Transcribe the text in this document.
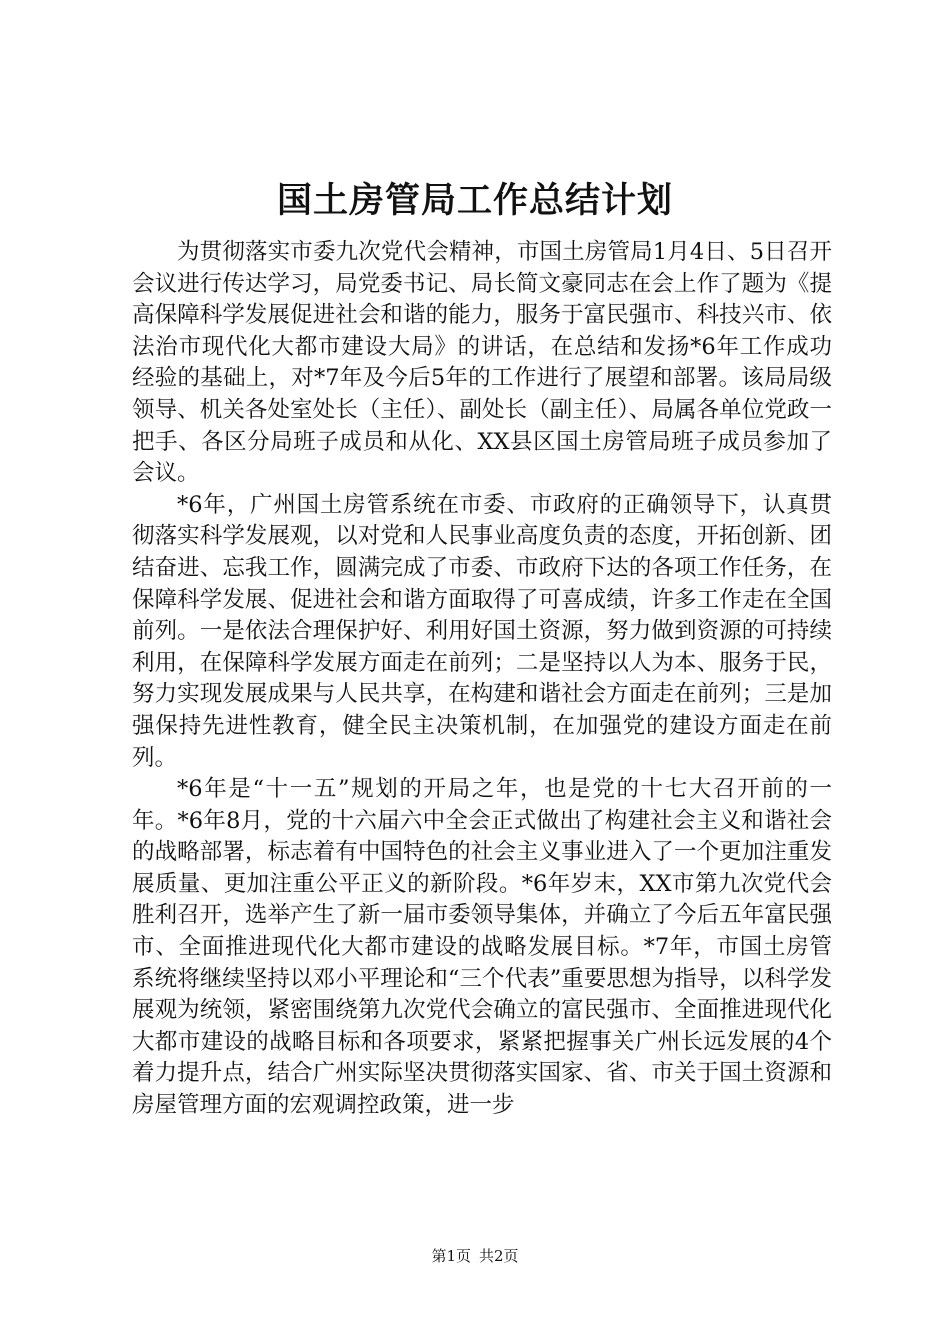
国土房管局工作总结计划

为贯彻落实市委九次党代会精神，市国土房管局1月4日、5日召开会议进行传达学习，局党委书记、局长简文豪同志在会上作了题为《提高保障科学发展促进社会和谐的能力，服务于富民强市、科技兴市、依法治市现代化大都市建设大局》的讲话，在总结和发扬*6年工作成功经验的基础上，对*7年及今后5年的工作进行了展望和部署。该局局级领导、机关各处室处长（主任）、副处长（副主任）、局属各单位党政一把手、各区分局班子成员和从化、XX县区国土房管局班子成员参加了会议。

*6年，广州国土房管系统在市委、市政府的正确领导下，认真贯彻落实科学发展观，以对党和人民事业高度负责的态度，开拓创新、团结奋进、忘我工作，圆满完成了市委、市政府下达的各项工作任务，在保障科学发展、促进社会和谐方面取得了可喜成绩，许多工作走在全国前列。一是依法合理保护好、利用好国土资源，努力做到资源的可持续利用，在保障科学发展方面走在前列；二是坚持以人为本、服务于民，努力实现发展成果与人民共享，在构建和谐社会方面走在前列；三是加强保持先进性教育，健全民主决策机制，在加强党的建设方面走在前列。

*6年是“十一五”规划的开局之年，也是党的十七大召开前的一年。*6年8月，党的十六届六中全会正式做出了构建社会主义和谐社会的战略部署，标志着有中国特色的社会主义事业进入了一个更加注重发展质量、更加注重公平正义的新阶段。*6年岁末，XX市第九次党代会胜利召开，选举产生了新一届市委领导集体，并确立了今后五年富民强市、全面推进现代化大都市建设的战略发展目标。*7年，市国土房管系统将继续坚持以邓小平理论和“三个代表”重要思想为指导，以科学发展观为统领，紧密围绕第九次党代会确立的富民强市、全面推进现代化大都市建设的战略目标和各项要求，紧紧把握事关广州长远发展的4个着力提升点，结合广州实际坚决贯彻落实国家、省、市关于国土资源和房屋管理方面的宏观调控政策，进一步

第1页 共2页
